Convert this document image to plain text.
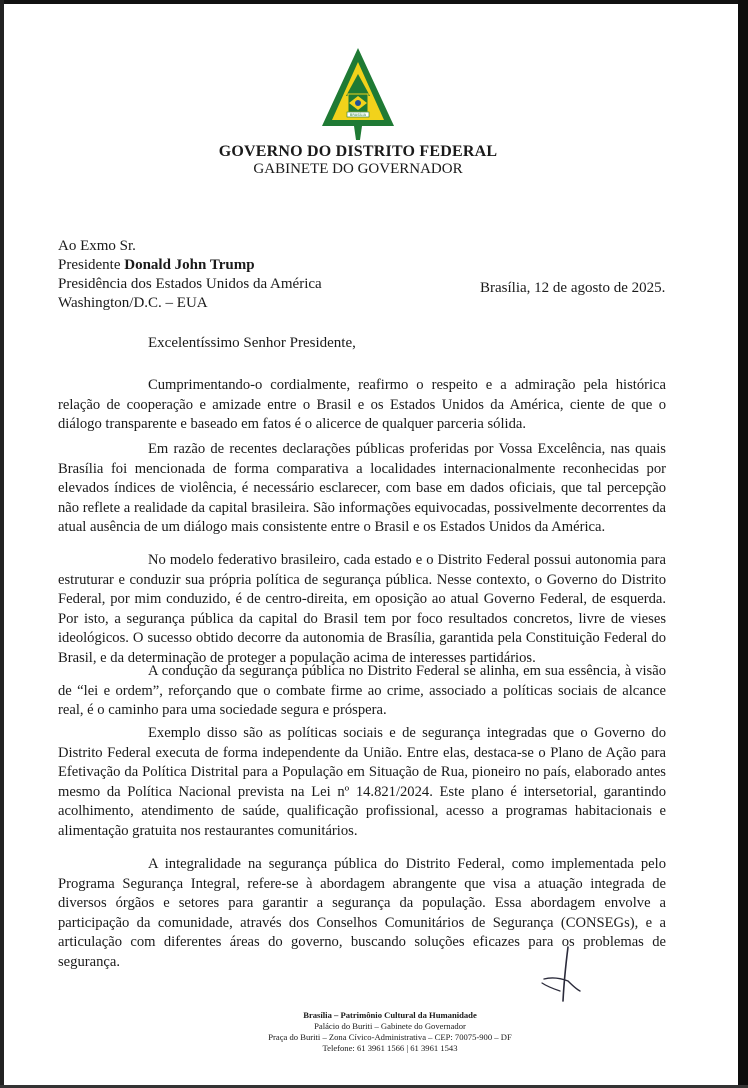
BRASÍLIA
GOVERNO DO DISTRITO FEDERAL
GABINETE DO GOVERNADOR
Ao Exmo Sr.
Presidente Donald John Trump
Presidência dos Estados Unidos da América
Washington/D.C. – EUA
Brasília, 12 de agosto de 2025.
Excelentíssimo Senhor Presidente,
Cumprimentando-o cordialmente, reafirmo o respeito e a admiração pela histórica relação de cooperação e amizade entre o Brasil e os Estados Unidos da América, ciente de que o diálogo transparente e baseado em fatos é o alicerce de qualquer parceria sólida.
Em razão de recentes declarações públicas proferidas por Vossa Excelência, nas quais Brasília foi mencionada de forma comparativa a localidades internacionalmente reconhecidas por elevados índices de violência, é necessário esclarecer, com base em dados oficiais, que tal percepção não reflete a realidade da capital brasileira. São informações equivocadas, possivelmente decorrentes da atual ausência de um diálogo mais consistente entre o Brasil e os Estados Unidos da América.
No modelo federativo brasileiro, cada estado e o Distrito Federal possui autonomia para estruturar e conduzir sua própria política de segurança pública. Nesse contexto, o Governo do Distrito Federal, por mim conduzido, é de centro-direita, em oposição ao atual Governo Federal, de esquerda. Por isto, a segurança pública da capital do Brasil tem por foco resultados concretos, livre de vieses ideológicos. O sucesso obtido decorre da autonomia de Brasília, garantida pela Constituição Federal do Brasil, e da determinação de proteger a população acima de interesses partidários.
A condução da segurança pública no Distrito Federal se alinha, em sua essência, à visão de “lei e ordem”, reforçando que o combate firme ao crime, associado a políticas sociais de alcance real, é o caminho para uma sociedade segura e próspera.
Exemplo disso são as políticas sociais e de segurança integradas que o Governo do Distrito Federal executa de forma independente da União. Entre elas, destaca-se o Plano de Ação para Efetivação da Política Distrital para a População em Situação de Rua, pioneiro no país, elaborado antes mesmo da Política Nacional prevista na Lei nº 14.821/2024. Este plano é intersetorial, garantindo acolhimento, atendimento de saúde, qualificação profissional, acesso a programas habitacionais e alimentação gratuita nos restaurantes comunitários.
A integralidade na segurança pública do Distrito Federal, como implementada pelo Programa Segurança Integral, refere-se à abordagem abrangente que visa a atuação integrada de diversos órgãos e setores para garantir a segurança da população. Essa abordagem envolve a participação da comunidade, através dos Conselhos Comunitários de Segurança (CONSEGs), e a articulação com diferentes áreas do governo, buscando soluções eficazes para os problemas de segurança.
Brasília – Patrimônio Cultural da Humanidade
Palácio do Buriti – Gabinete do Governador
Praça do Buriti – Zona Cívico-Administrativa – CEP: 70075-900 – DF
Telefone: 61 3961 1566 | 61 3961 1543
